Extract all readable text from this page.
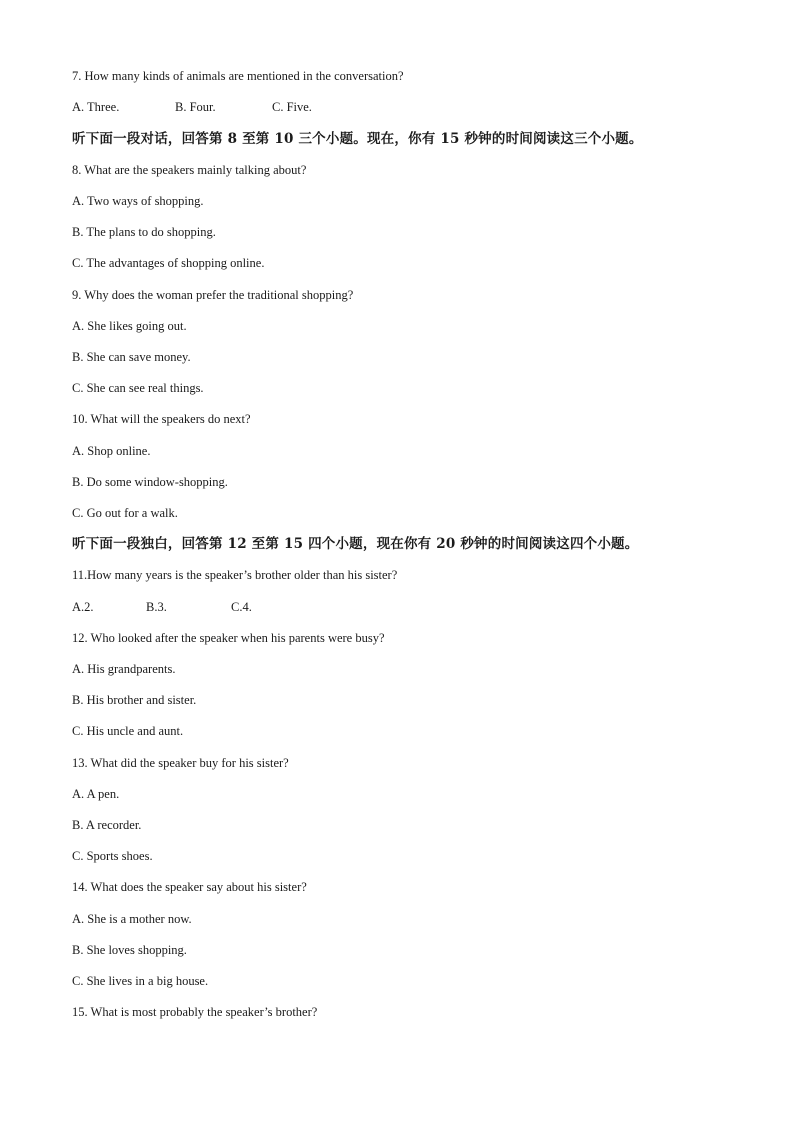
7. How many kinds of animals are mentioned in the conversation?
A. Three.	B. Four.	C. Five.
听下面一段对话，回答第 8 至第 10 三个小题。现在，你有 15 秒钟的时间阅读这三个小题。
8. What are the speakers mainly talking about?
A. Two ways of shopping.
B. The plans to do shopping.
C. The advantages of shopping online.
9. Why does the woman prefer the traditional shopping?
A. She likes going out.
B. She can save money.
C. She can see real things.
10. What will the speakers do next?
A. Shop online.
B. Do some window-shopping.
C. Go out for a walk.
听下面一段独白，回答第 12 至第 15 四个小题，现在你有 20 秒钟的时间阅读这四个小题。
11.How many years is the speaker’s brother older than his sister?
A.2.	B.3.	C.4.
12. Who looked after the speaker when his parents were busy?
A. His grandparents.
B. His brother and sister.
C. His uncle and aunt.
13. What did the speaker buy for his sister?
A. A pen.
B. A recorder.
C. Sports shoes.
14. What does the speaker say about his sister?
A. She is a mother now.
B. She loves shopping.
C. She lives in a big house.
15. What is most probably the speaker’s brother?
